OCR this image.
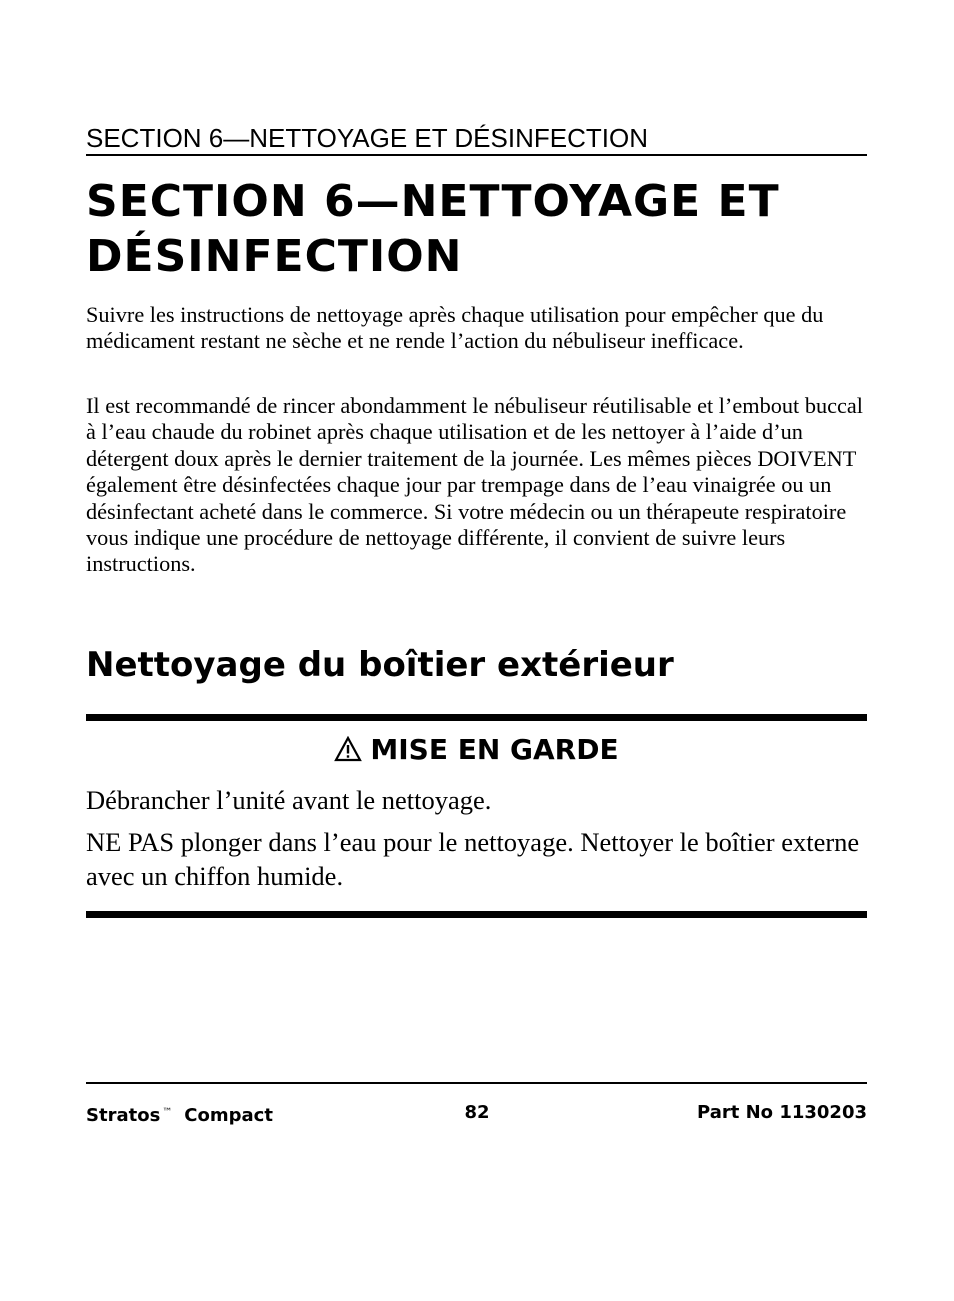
SECTION 6—NETTOYAGE ET DÉSINFECTION
SECTION 6—NETTOYAGE ET
DÉSINFECTION

Suivre les instructions de nettoyage après chaque utilisation pour empêcher que du médicament restant ne sèche et ne rende l’action du nébuliseur inefficace.

Il est recommandé de rincer abondamment le nébuliseur réutilisable et l’embout buccal à l’eau chaude du robinet après chaque utilisation et de les nettoyer à l’aide d’un détergent doux après le dernier traitement de la journée. Les mêmes pièces DOIVENT également être désinfectées chaque jour par trempage dans de l’eau vinaigrée ou un désinfectant acheté dans le commerce. Si votre médecin ou un thérapeute respiratoire vous indique une procédure de nettoyage différente, il convient de suivre leurs instructions.

Nettoyage du boîtier extérieur
MISE EN GARDE

Débrancher l’unité avant le nettoyage.

NE PAS plonger dans l’eau pour le nettoyage. Nettoyer le boîtier externe avec un chiffon humide.

Stratos ™ Compact	82	Part No 1130203
